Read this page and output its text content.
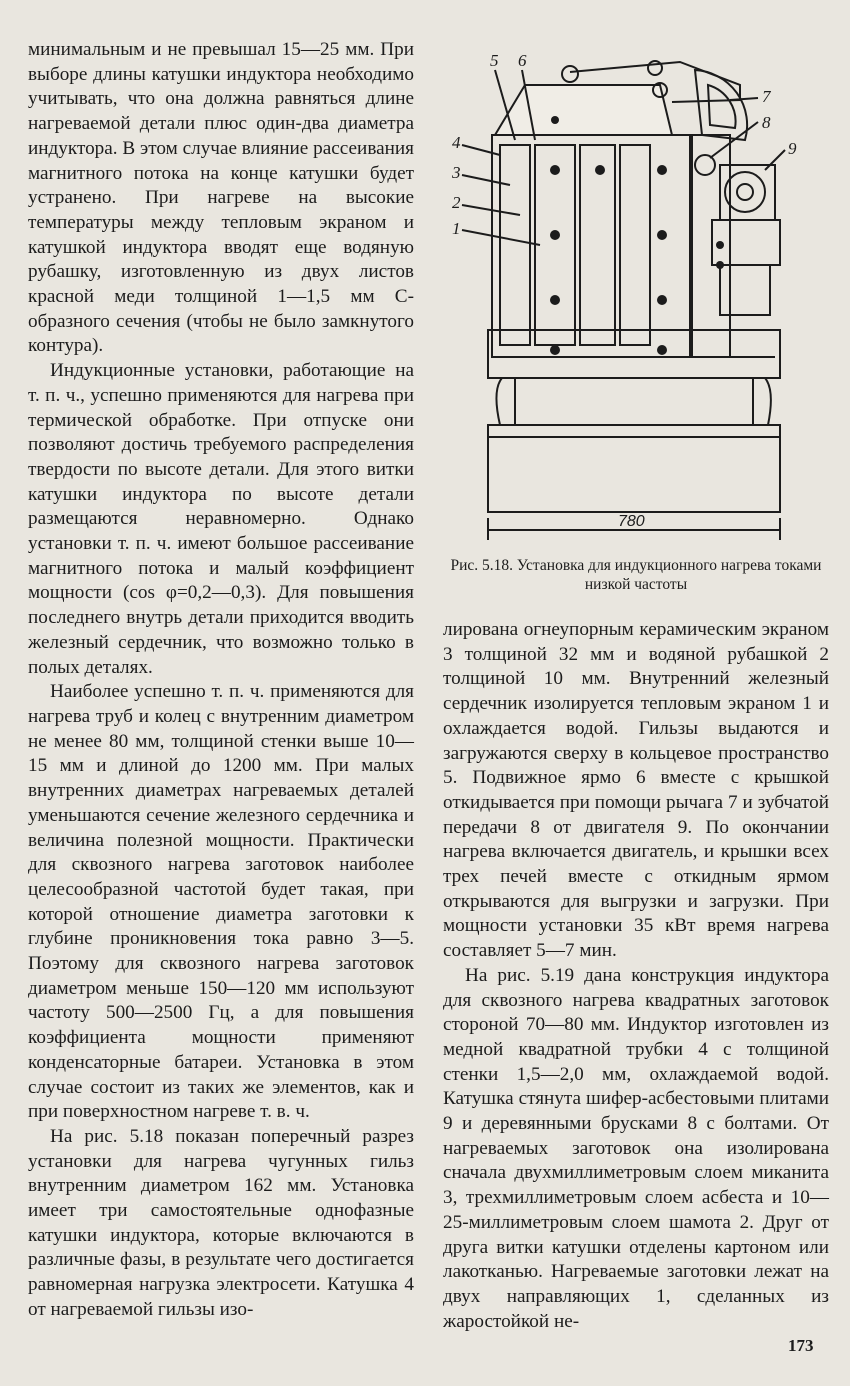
минимальным и не превышал 15—25 мм. При выборе длины катушки индуктора необходимо учитывать, что она должна равняться длине нагреваемой детали плюс один-два диаметра индуктора. В этом случае влияние рассеивания магнитного потока на конце катушки будет устранено. При нагреве на высокие температуры между тепловым экраном и катушкой индуктора вводят еще водяную рубашку, изготовленную из двух листов красной меди толщиной 1—1,5 мм С-образного сечения (чтобы не было замкнутого контура).

Индукционные установки, работающие на т. п. ч., успешно применяются для нагрева при термической обработке. При отпуске они позволяют достичь требуемого распределения твердости по высоте детали. Для этого витки катушки индуктора по высоте детали размещаются неравномерно. Однако установки т. п. ч. имеют большое рассеивание магнитного потока и малый коэффициент мощности (cos φ=0,2—0,3). Для повышения последнего внутрь детали приходится вводить железный сердечник, что возможно только в полых деталях.

Наиболее успешно т. п. ч. применяются для нагрева труб и колец с внутренним диаметром не менее 80 мм, толщиной стенки выше 10—15 мм и длиной до 1200 мм. При малых внутренних диаметрах нагреваемых деталей уменьшаются сечение железного сердечника и величина полезной мощности. Практически для сквозного нагрева заготовок наиболее целесообразной частотой будет такая, при которой отношение диаметра заготовки к глубине проникновения тока равно 3—5. Поэтому для сквозного нагрева заготовок диаметром меньше 150—120 мм используют частоту 500—2500 Гц, а для повышения коэффициента мощности применяют конденсаторные батареи. Установка в этом случае состоит из таких же элементов, как и при поверхностном нагреве т. в. ч.

На рис. 5.18 показан поперечный разрез установки для нагрева чугунных гильз внутренним диаметром 162 мм. Установка имеет три самостоятельные однофазные катушки индуктора, которые включаются в различные фазы, в результате чего достигается равномерная нагрузка электросети. Катушка 4 от нагреваемой гильзы изо-

5 6
7
8
9
4
3
2
1
780
Рис. 5.18. Установка для индукционного нагрева токами низкой частоты

лирована огнеупорным керамическим экраном 3 толщиной 32 мм и водяной рубашкой 2 толщиной 10 мм. Внутренний железный сердечник изолируется тепловым экраном 1 и охлаждается водой. Гильзы выдаются и загружаются сверху в кольцевое пространство 5. Подвижное ярмо 6 вместе с крышкой откидывается при помощи рычага 7 и зубчатой передачи 8 от двигателя 9. По окончании нагрева включается двигатель, и крышки всех трех печей вместе с откидным ярмом открываются для выгрузки и загрузки. При мощности установки 35 кВт время нагрева составляет 5—7 мин.

На рис. 5.19 дана конструкция индуктора для сквозного нагрева квадратных заготовок стороной 70—80 мм. Индуктор изготовлен из медной квадратной трубки 4 с толщиной стенки 1,5—2,0 мм, охлаждаемой водой. Катушка стянута шифер-асбестовыми плитами 9 и деревянными брусками 8 с болтами. От нагреваемых заготовок она изолирована сначала двухмиллиметровым слоем миканита 3, трехмиллиметровым слоем асбеста и 10—25-миллиметровым слоем шамота 2. Друг от друга витки катушки отделены картоном или лакотканью. Нагреваемые заготовки лежат на двух направляющих 1, сделанных из жаростойкой не-

173
